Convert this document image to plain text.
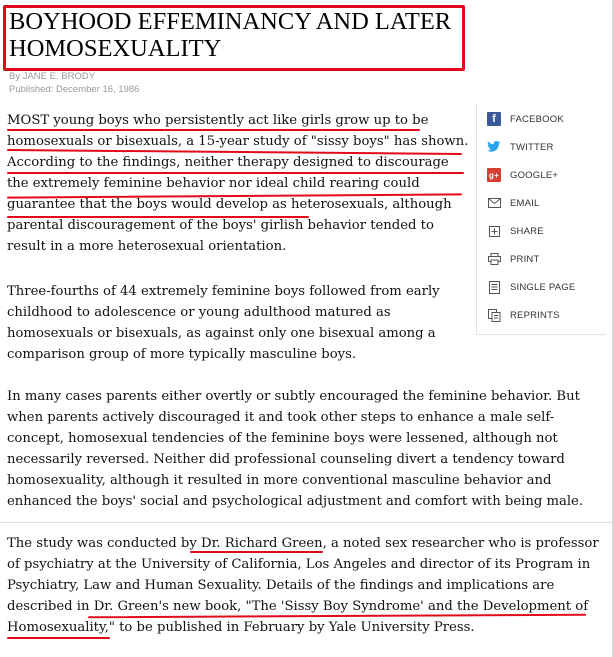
BOYHOOD EFFEMINANCY AND LATER HOMOSEXUALITY
By JANE E. BRODY
Published: December 16, 1986

MOST young boys who persistently act like girls grow up to be homosexuals or bisexuals, a 15-year study of "sissy boys" has shown. According to the findings, neither therapy designed to discourage the extremely feminine behavior nor ideal child rearing could guarantee that the boys would develop as heterosexuals, although parental discouragement of the boys' girlish behavior tended to result in a more heterosexual orientation.

Three-fourths of 44 extremely feminine boys followed from early childhood to adolescence or young adulthood matured as homosexuals or bisexuals, as against only one bisexual among a comparison group of more typically masculine boys.

In many cases parents either overtly or subtly encouraged the feminine behavior. But when parents actively discouraged it and took other steps to enhance a male self-concept, homosexual tendencies of the feminine boys were lessened, although not necessarily reversed. Neither did professional counseling divert a tendency toward homosexuality, although it resulted in more conventional masculine behavior and enhanced the boys' social and psychological adjustment and comfort with being male.

The study was conducted by Dr. Richard Green, a noted sex researcher who is professor of psychiatry at the University of California, Los Angeles and director of its Program in Psychiatry, Law and Human Sexuality. Details of the findings and implications are described in Dr. Green's new book, "The 'Sissy Boy Syndrome' and the Development of Homosexuality," to be published in February by Yale University Press.

f	FACEBOOK
TWITTER
g+ GOOGLE+
EMAIL
SHARE
PRINT
SINGLE PAGE
REPRINTS
